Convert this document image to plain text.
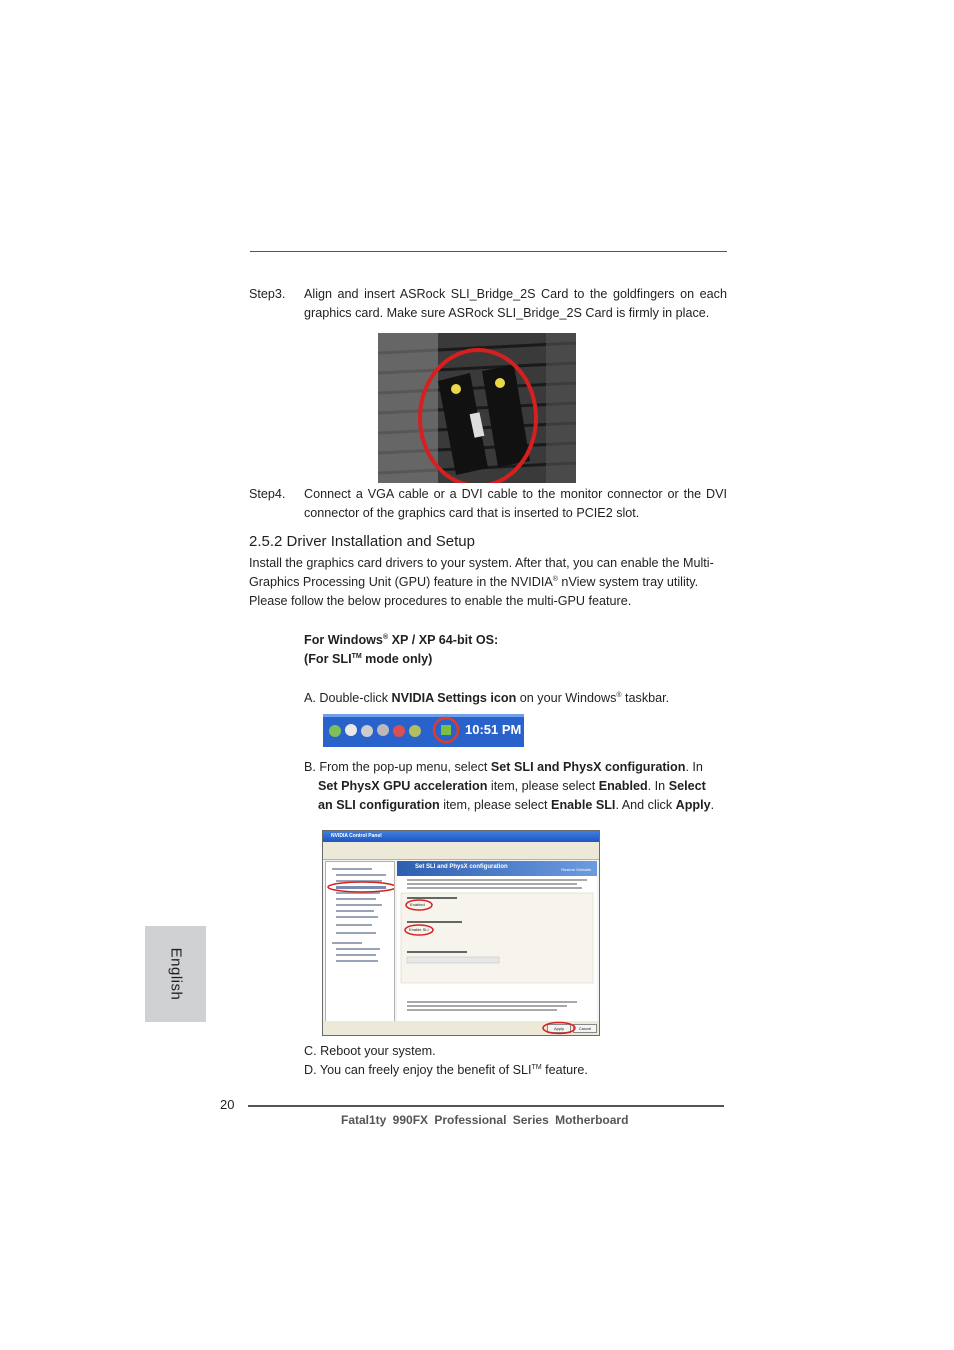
Step3. Align and insert ASRock SLI_Bridge_2S Card to the goldfingers on each graphics card. Make sure ASRock SLI_Bridge_2S Card is firmly in place.
Step4. Connect a VGA cable or a DVI cable to the monitor connector or the DVI connector of the graphics card that is inserted to PCIE2 slot.
2.5.2 Driver Installation and Setup
Install the graphics card drivers to your system. After that, you can enable the Multi-Graphics Processing Unit (GPU) feature in the NVIDIA® nView system tray utility. Please follow the below procedures to enable the multi-GPU feature.
For Windows® XP / XP 64-bit OS:
(For SLI™ mode only)
A. Double-click NVIDIA Settings icon on your Windows® taskbar.
10:51 PM
B. From the pop-up menu, select Set SLI and PhysX configuration. In
Set PhysX GPU acceleration item, please select Enabled. In Select
an SLI configuration item, please select Enable SLI. And click Apply.
NVIDIA Control Panel
Set SLI and PhysX configuration	Restore Defaults
Enabled
Enable SLI
Apply	Cancel
C. Reboot your system.
D. You can freely enjoy the benefit of SLI™ feature.
English
20
Fatal1ty 990FX Professional Series Motherboard
